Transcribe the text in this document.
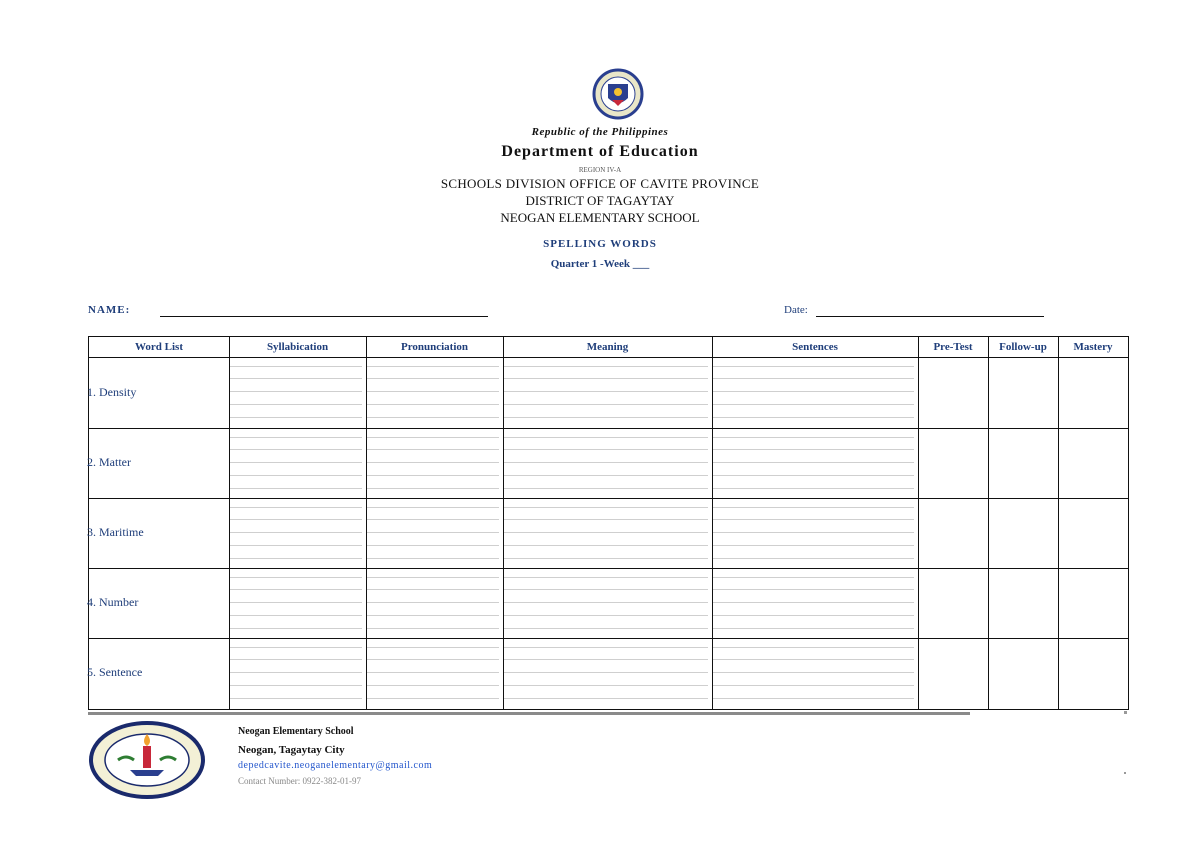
Republic of the Philippines
Department of Education
REGION IV-A
SCHOOLS DIVISION OFFICE OF CAVITE PROVINCE
DISTRICT OF TAGAYTAY
NEOGAN ELEMENTARY SCHOOL
SPELLING WORDS
Quarter 1 -Week ___
NAME:	Date:
Word List	Syllabication	Pronunciation	Meaning	Sentences	Pre-Test	Follow-up	Mastery
1. Density
2. Matter
3. Maritime
4. Number
5. Sentence
Neogan Elementary School
Neogan, Tagaytay City
depedcavite.neoganelementary@gmail.com
Contact Number: 0922-382-01-97
